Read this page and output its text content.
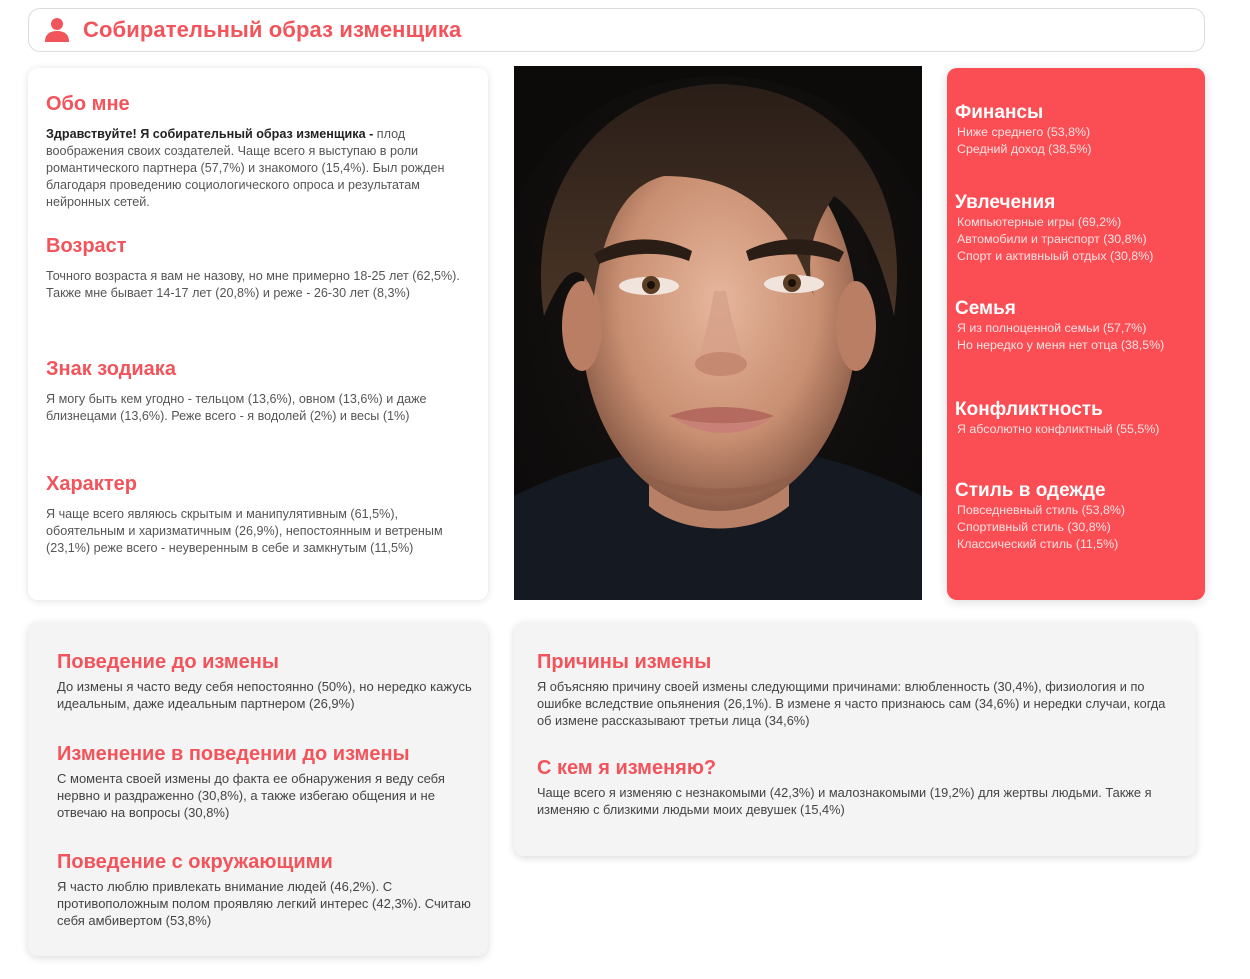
Собирательный образ изменщика
Обо мне
Здравствуйте! Я собирательный образ изменщика - плод воображения своих создателей. Чаще всего я выступаю в роли романтического партнера (57,7%) и знакомого (15,4%). Был рожден благодаря проведению социологического опроса и результатам нейронных сетей.
Возраст
Точного возраста я вам не назову, но мне примерно 18-25 лет (62,5%). Также мне бывает 14-17 лет (20,8%) и реже - 26-30 лет (8,3%)
Знак зодиака
Я могу быть кем угодно - тельцом (13,6%), овном (13,6%) и даже близнецами (13,6%). Реже всего - я водолей (2%) и весы (1%)
Характер
Я чаще всего являюсь скрытым и манипулятивным (61,5%), обоятельным и харизматичным (26,9%), непостоянным и ветреным (23,1%) реже всего - неуверенным в себе и замкнутым (11,5%)
Финансы
Ниже среднего (53,8%)
Средний доход (38,5%)
Увлечения
Компьютерные игры (69,2%)
Автомобили и транспорт (30,8%)
Спорт и активныый отдых (30,8%)
Семья
Я из полноценной семьи (57,7%)
Но нередко у меня нет отца (38,5%)
Конфликтность
Я абсолютно конфликтный (55,5%)
Стиль в одежде
Повседневный стиль (53,8%)
Спортивный стиль (30,8%)
Классический стиль (11,5%)
Поведение до измены
До измены я часто веду себя непостоянно (50%), но нередко кажусь идеальным, даже идеальным партнером (26,9%)
Изменение в поведении до измены
С момента своей измены до факта ее обнаружения я веду себя нервно и раздраженно (30,8%), а также избегаю общения и не отвечаю на вопросы (30,8%)
Поведение с окружающими
Я часто люблю привлекать внимание людей (46,2%). С противоположным полом проявляю легкий интерес (42,3%). Считаю себя амбивертом (53,8%)
Причины измены
Я объясняю причину своей измены следующими причинами: влюбленность (30,4%), физиология и по ошибке вследствие опьянения (26,1%). В измене я часто признаюсь сам (34,6%) и нередки случаи, когда об измене рассказывают третьи лица (34,6%)
С кем я изменяю?
Чаще всего я изменяю с незнакомыми (42,3%) и малознакомыми (19,2%) для жертвы людьми. Также я изменяю с близкими людьми моих девушек (15,4%)
